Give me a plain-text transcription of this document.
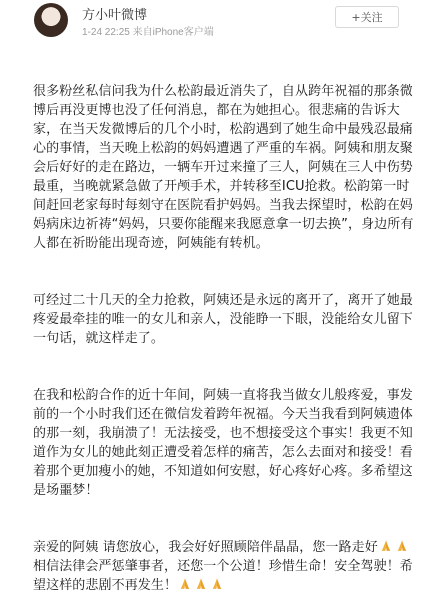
方小叶微博
1-24 22:25 来自iPhone客户端
+关注

很多粉丝私信问我为什么松韵最近消失了，自从跨年祝福的那条微博后再没更博也没了任何消息，都在为她担心。很悲痛的告诉大家，在当天发微博后的几个小时，松韵遇到了她生命中最残忍最痛心的事情，当天晚上松韵的妈妈遭遇了严重的车祸。阿姨和朋友聚会后好好的走在路边，一辆车开过来撞了三人，阿姨在三人中伤势最重，当晚就紧急做了开颅手术，并转移至ICU抢救。松韵第一时间赶回老家每时每刻守在医院看护妈妈。当我去探望时，松韵在妈妈病床边祈祷“妈妈，只要你能醒来我愿意拿一切去换”，身边所有人都在祈盼能出现奇迹，阿姨能有转机。

可经过二十几天的全力抢救，阿姨还是永远的离开了，离开了她最疼爱最牵挂的唯一的女儿和亲人，没能睁一下眼，没能给女儿留下一句话，就这样走了。

在我和松韵合作的近十年间，阿姨一直将我当做女儿般疼爱，事发前的一个小时我们还在微信发着跨年祝福。今天当我看到阿姨遗体的那一刻，我崩溃了！无法接受，也不想接受这个事实！我更不知道作为女儿的她此刻正遭受着怎样的痛苦，怎么去面对和接受！看着那个更加瘦小的她，不知道如何安慰，好心疼好心疼。多希望这是场噩梦！

亲爱的阿姨 请您放心，我会好好照顾陪伴晶晶，您一路走好相信法律会严惩肇事者，还您一个公道！珍惜生命！安全驾驶！希望这样的悲剧不再发生！
